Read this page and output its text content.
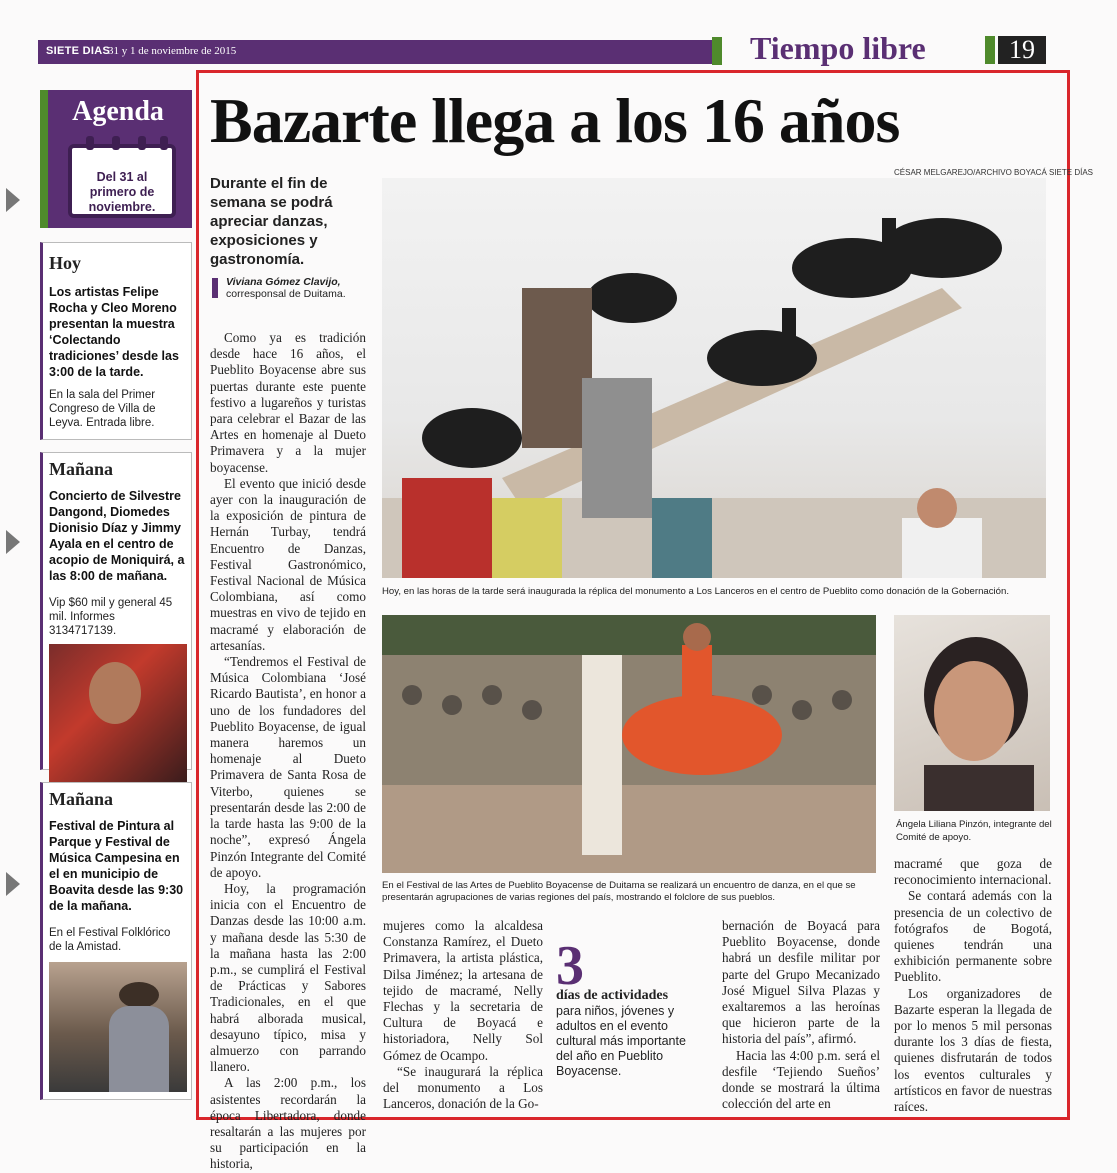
SIETE DIAS
31 y 1 de noviembre de 2015	Tiempo libre	19
Agenda
Del 31 al primero de noviembre.
Hoy
Los artistas Felipe Rocha y Cleo Moreno presentan la muestra ‘Colectando tradiciones’ desde las 3:00 de la tarde.
En la sala del Primer Congreso de Villa de Leyva. Entrada libre.
Mañana
Concierto de Silvestre Dangond, Diomedes Dionisio Díaz y Jimmy Ayala en el centro de acopio de Moniquirá, a las 8:00 de mañana.
Vip $60 mil y general 45 mil. Informes 3134717139.
Mañana
Festival de Pintura al Parque y Festival de Música Campesina en el en municipio de Boavita desde las 9:30 de la mañana.
En el Festival Folklórico de la Amistad.
Bazarte llega a los 16 años
Durante el fin de semana se podrá apreciar danzas, exposiciones y gastronomía.
Viviana Gómez Clavijo,
corresponsal de Duitama.
CÉSAR MELGAREJO/ARCHIVO BOYACÁ SIETE DÍAS
Hoy, en las horas de la tarde será inaugurada la réplica del monumento a Los Lanceros en el centro de Pueblito como donación de la Gobernación.
En el Festival de las Artes de Pueblito Boyacense de Duitama se realizará un encuentro de danza, en el que se presentarán agrupaciones de varias regiones del país, mostrando el folclore de sus pueblos.
Ángela Liliana Pinzón, integrante del Comité de apoyo.

Como ya es tradición desde hace 16 años, el Pueblito Boyacense abre sus puertas durante este puente festivo a lugareños y turistas para celebrar el Bazar de las Artes en homenaje al Dueto Primavera y a la mujer boyacense.

El evento que inició desde ayer con la inauguración de la exposición de pintura de Hernán Turbay, tendrá Encuentro de Danzas, Festival Gastronómico, Festival Nacional de Música Colombiana, así como muestras en vivo de tejido en macramé y elaboración de artesanías.

“Tendremos el Festival de Música Colombiana ‘José Ricardo Bautista’, en honor a uno de los fundadores del Pueblito Boyacense, de igual manera haremos un homenaje al Dueto Primavera de Santa Rosa de Viterbo, quienes se presentarán desde las 2:00 de la tarde hasta las 9:00 de la noche”, expresó Ángela Pinzón Integrante del Comité de apoyo.

Hoy, la programación inicia con el Encuentro de Danzas desde las 10:00 a.m. y mañana desde las 5:30 de la mañana hasta las 2:00 p.m., se cumplirá el Festival de Prácticas y Sabores Tradicionales, en el que habrá alborada musical, desayuno típico, misa y almuerzo con parrando llanero.

A las 2:00 p.m., los asistentes recordarán la época Libertadora, donde resaltarán a las mujeres por su participación en la historia,

mujeres como la alcaldesa Constanza Ramírez, el Dueto Primavera, la artista plástica, Dilsa Jiménez; la artesana de tejido de macramé, Nelly Flechas y la secretaria de Cultura de Boyacá e historiadora, Nelly Sol Gómez de Ocampo.

“Se inaugurará la réplica del monumento a Los Lanceros, donación de la Go-

3
días de actividades
para niños, jóvenes y adultos en el evento cultural más importante del año en Pueblito Boyacense.

bernación de Boyacá para Pueblito Boyacense, donde habrá un desfile militar por parte del Grupo Mecanizado José Miguel Silva Plazas y exaltaremos a las heroínas que hicieron parte de la historia del país”, afirmó.

Hacia las 4:00 p.m. será el desfile ‘Tejiendo Sueños’ donde se mostrará la última colección del arte en

macramé que goza de reconocimiento internacional.

Se contará además con la presencia de un colectivo de fotógrafos de Bogotá, quienes tendrán una exhibición permanente sobre Pueblito.

Los organizadores de Bazarte esperan la llegada de por lo menos 5 mil personas durante los 3 días de fiesta, quienes disfrutarán de todos los eventos culturales y artísticos en favor de nuestras raíces.
